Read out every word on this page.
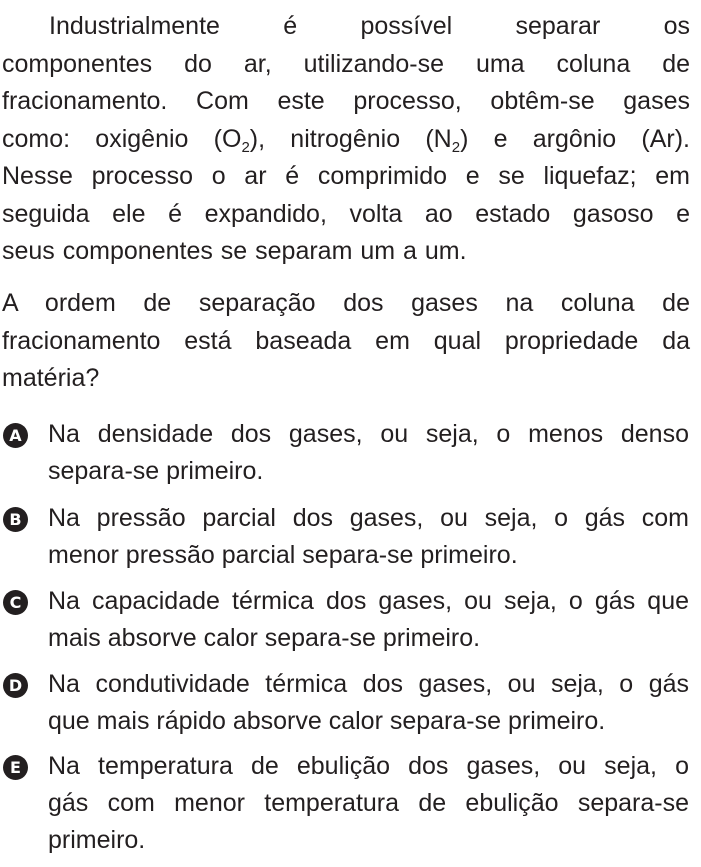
Industrialmente é possível separar os
componentes do ar, utilizando-se uma coluna de
fracionamento. Com este processo, obtêm-se gases
como: oxigênio $(O_2)$, nitrogênio $(N_2)$ e argônio (Ar).
Nesse processo o ar é comprimido e se liquefaz; em
seguida ele é expandido, volta ao estado gasoso e
seus componentes se separam um a um.
A ordem de separação dos gases na coluna de
fracionamento está baseada em qual propriedade da
matéria?
A Na densidade dos gases, ou seja, o menos denso
separa-se primeiro.
B Na pressão parcial dos gases, ou seja, o gás com
menor pressão parcial separa-se primeiro.
C Na capacidade térmica dos gases, ou seja, o gás que
mais absorve calor separa-se primeiro.
D Na condutividade térmica dos gases, ou seja, o gás
que mais rápido absorve calor separa-se primeiro.
E Na temperatura de ebulição dos gases, ou seja, o
gás com menor temperatura de ebulição separa-se
primeiro.
